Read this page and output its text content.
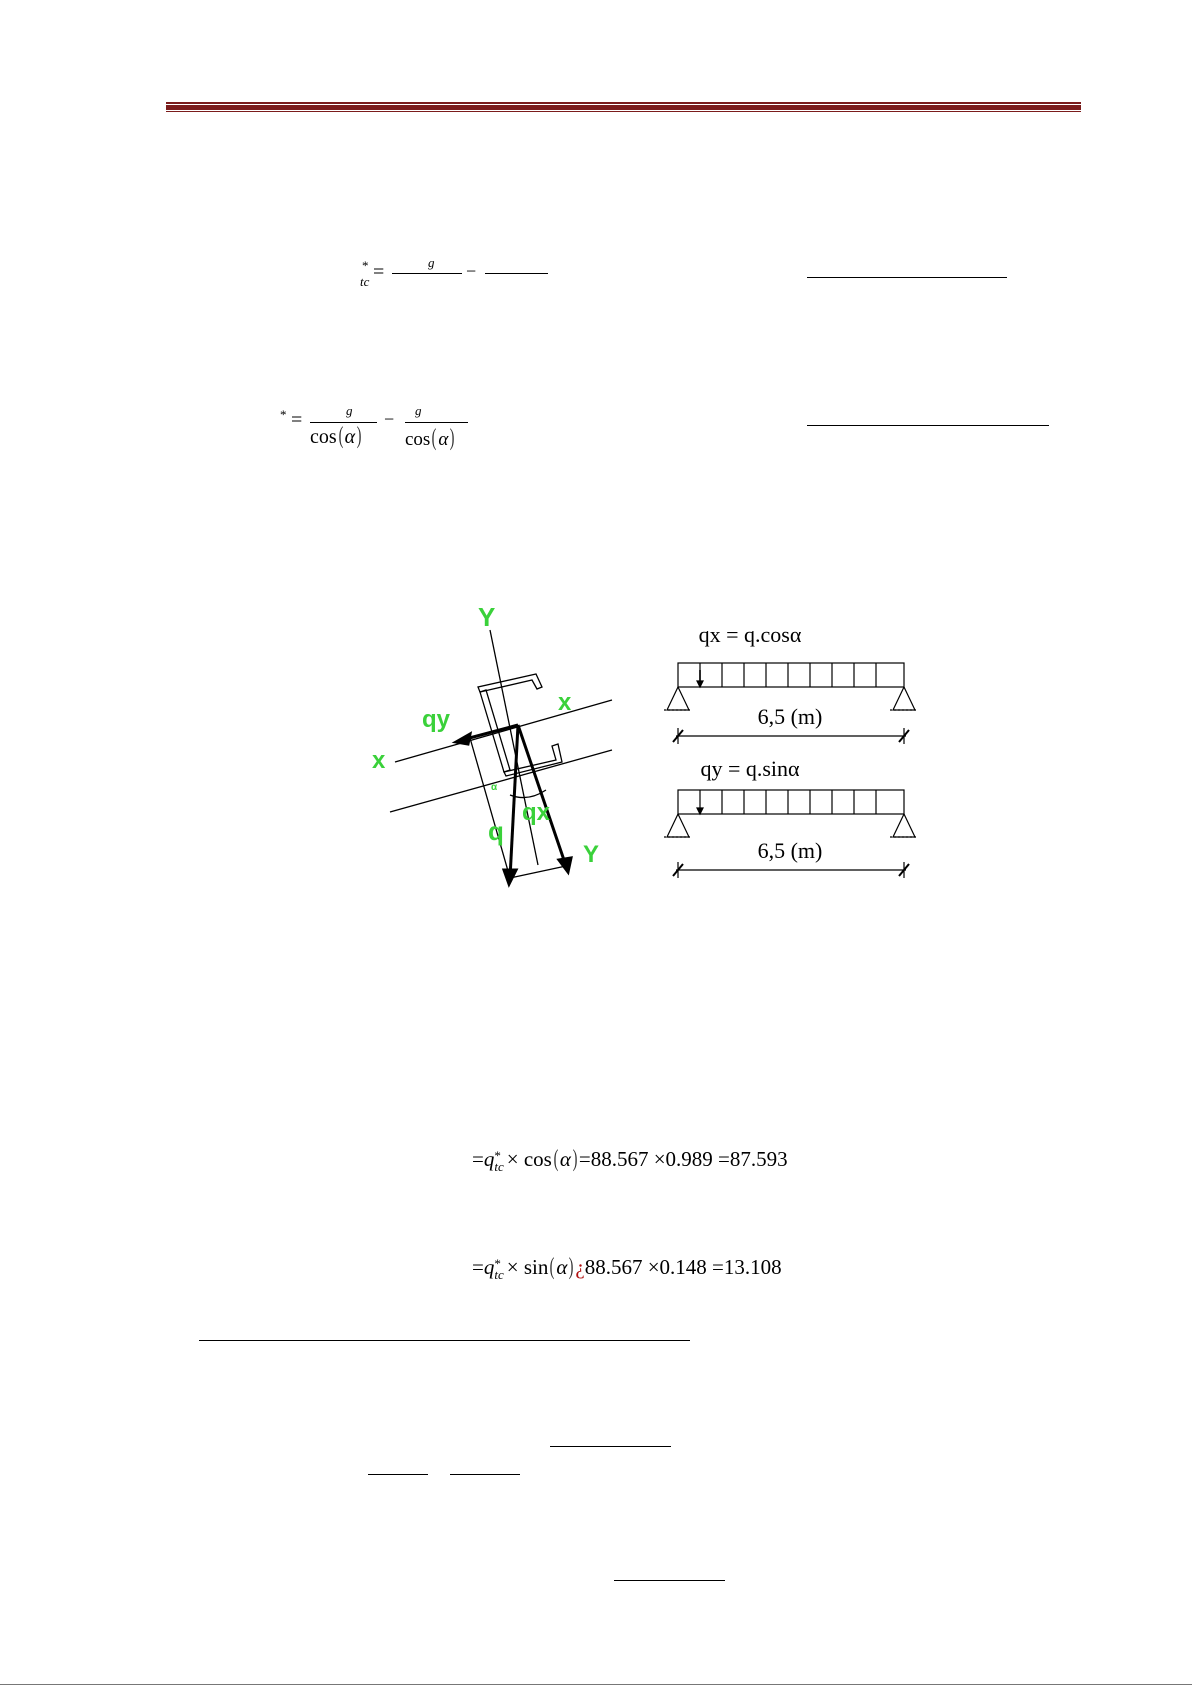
*
tc =	g −
* =	g
cos(α)
− g
cos(α)
Y
Y
x
x
qy
q
qx
α
qx = q.cosα
6,5 (m)
qy = q.sinα
6,5 (m)
=q *
tc × cos(α)=88.567 ×0.989 =87.593
=q *
tc × sin(α)¿88.567 ×0.148 =13.108
